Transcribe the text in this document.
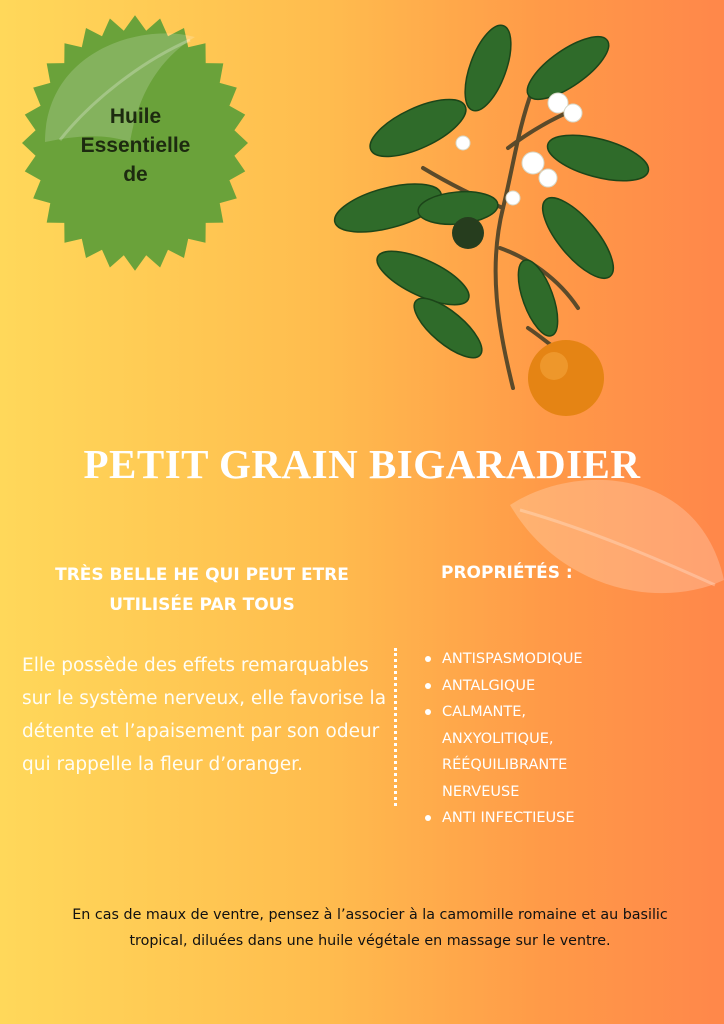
Huile
Essentielle
de
PETIT GRAIN BIGARADIER
TRÈS BELLE HE QUI PEUT ETRE
UTILISÉE PAR TOUS
Elle possède des effets remarquables sur le système nerveux, elle favorise la détente et l’apaisement par son odeur qui rappelle la fleur d’oranger.
PROPRIÉTÉS :
ANTISPASMODIQUE
ANTALGIQUE
CALMANTE, ANXYOLITIQUE, RÉÉQUILIBRANTE NERVEUSE
ANTI INFECTIEUSE
En cas de maux de ventre, pensez à l’associer à la camomille romaine et au basilic tropical, diluées dans une huile végétale en massage sur le ventre.
